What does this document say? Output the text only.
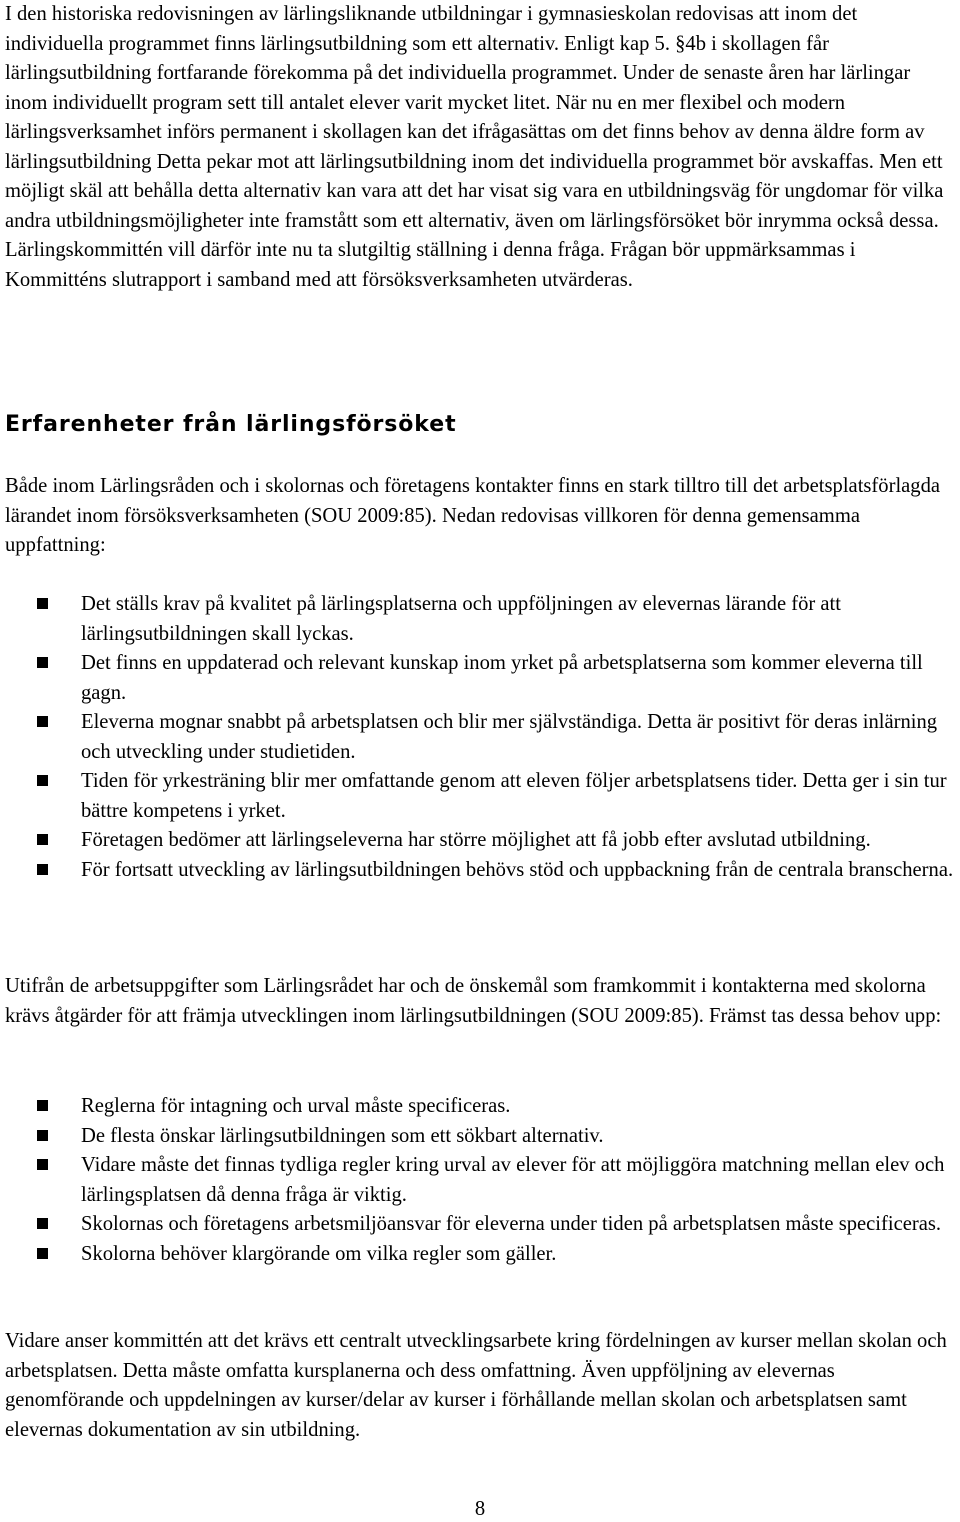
I den historiska redovisningen av lärlingsliknande utbildningar i gymnasieskolan redovisas att inom det individuella programmet finns lärlingsutbildning som ett alternativ. Enligt kap 5. §4b i skollagen får lärlingsutbildning fortfarande förekomma på det individuella programmet. Under de senaste åren har lärlingar inom individuellt program sett till antalet elever varit mycket litet. När nu en mer flexibel och modern lärlingsverksamhet införs permanent i skollagen kan det ifrågasättas om det finns behov av denna äldre form av lärlingsutbildning Detta pekar mot att lärlingsutbildning inom det individuella programmet bör avskaffas. Men ett möjligt skäl att behålla detta alternativ kan vara att det har visat sig vara en utbildningsväg för ungdomar för vilka andra utbildningsmöjligheter inte framstått som ett alternativ, även om lärlingsförsöket bör inrymma också dessa. Lärlingskommittén vill därför inte nu ta slutgiltig ställning i denna fråga. Frågan bör uppmärksammas i Kommitténs slutrapport i samband med att försöksverksamheten utvärderas.

Erfarenheter från lärlingsförsöket

Både inom Lärlingsråden och i skolornas och företagens kontakter finns en stark tilltro till det arbetsplatsförlagda lärandet inom försöksverksamheten (SOU 2009:85). Nedan redovisas villkoren för denna gemensamma uppfattning:

Det ställs krav på kvalitet på lärlingsplatserna och uppföljningen av elevernas lärande för att lärlingsutbildningen skall lyckas.
Det finns en uppdaterad och relevant kunskap inom yrket på arbetsplatserna som kommer eleverna till gagn.
Eleverna mognar snabbt på arbetsplatsen och blir mer självständiga. Detta är positivt för deras inlärning och utveckling under studietiden.
Tiden för yrkesträning blir mer omfattande genom att eleven följer arbetsplatsens tider. Detta ger i sin tur bättre kompetens i yrket.
Företagen bedömer att lärlingseleverna har större möjlighet att få jobb efter avslutad utbildning.
För fortsatt utveckling av lärlingsutbildningen behövs stöd och uppbackning från de centrala branscherna.

Utifrån de arbetsuppgifter som Lärlingsrådet har och de önskemål som framkommit i kontakterna med skolorna krävs åtgärder för att främja utvecklingen inom lärlingsutbildningen (SOU 2009:85). Främst tas dessa behov upp:

Reglerna för intagning och urval måste specificeras.
De flesta önskar lärlingsutbildningen som ett sökbart alternativ.
Vidare måste det finnas tydliga regler kring urval av elever för att möjliggöra matchning mellan elev och lärlingsplatsen då denna fråga är viktig.
Skolornas och företagens arbetsmiljöansvar för eleverna under tiden på arbetsplatsen måste specificeras.
Skolorna behöver klargörande om vilka regler som gäller.

Vidare anser kommittén att det krävs ett centralt utvecklingsarbete kring fördelningen av kurser mellan skolan och arbetsplatsen. Detta måste omfatta kursplanerna och dess omfattning. Även uppföljning av elevernas genomförande och uppdelningen av kurser/delar av kurser i förhållande mellan skolan och arbetsplatsen samt elevernas dokumentation av sin utbildning.

8
